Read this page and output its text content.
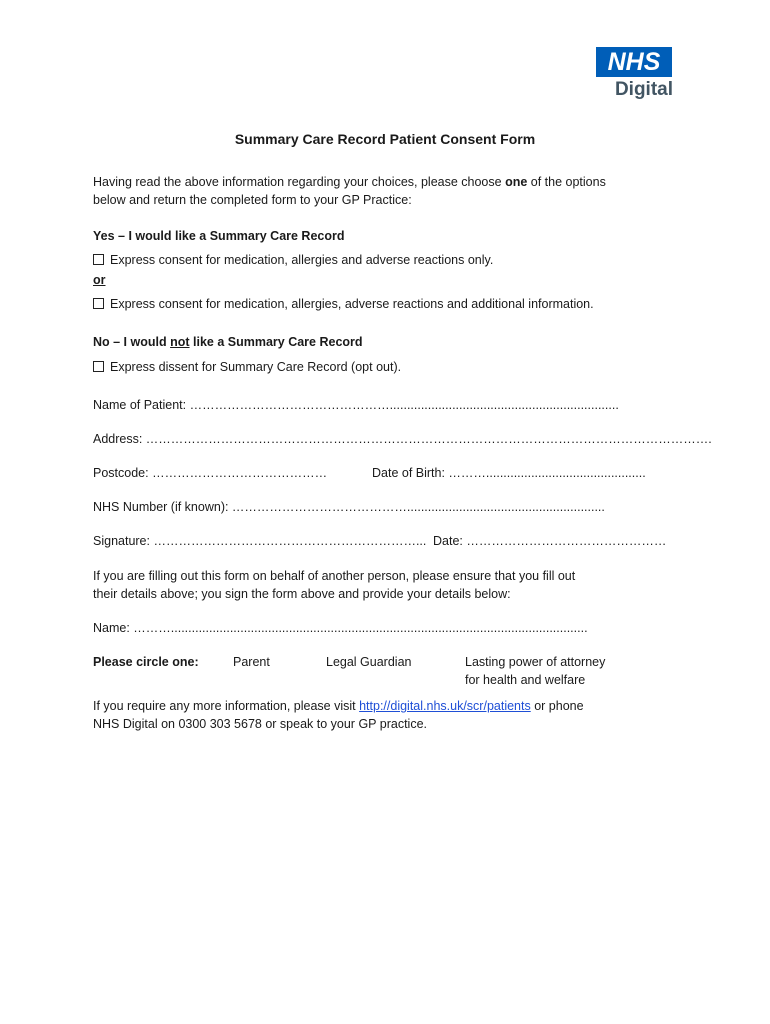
NHS
Digital
Summary Care Record Patient Consent Form
Having read the above information regarding your choices, please choose one of the options
below and return the completed form to your GP Practice:
Yes – I would like a Summary Care Record
Express consent for medication, allergies and adverse reactions only.
or
Express consent for medication, allergies, adverse reactions and additional information.
No – I would not like a Summary Care Record
Express dissent for Summary Care Record (opt out).
Name of Patient: …………………………………………..................................................................
Address: ……………………………………………………………………………………………………………………….
Postcode: ……………………………………	Date of Birth: ………..............................................
NHS Number (if known): …………………………………….........................................................
Signature: ………………………………………………………... Date: …………………………………………
If you are filling out this form on behalf of another person, please ensure that you fill out
their details above; you sign the form above and provide your details below:
Name: ………........................................................................................................................
Please circle one:	Parent	Legal Guardian	Lasting power of attorney
for health and welfare
If you require any more information, please visit http://digital.nhs.uk/scr/patients or phone
NHS Digital on 0300 303 5678 or speak to your GP practice.
